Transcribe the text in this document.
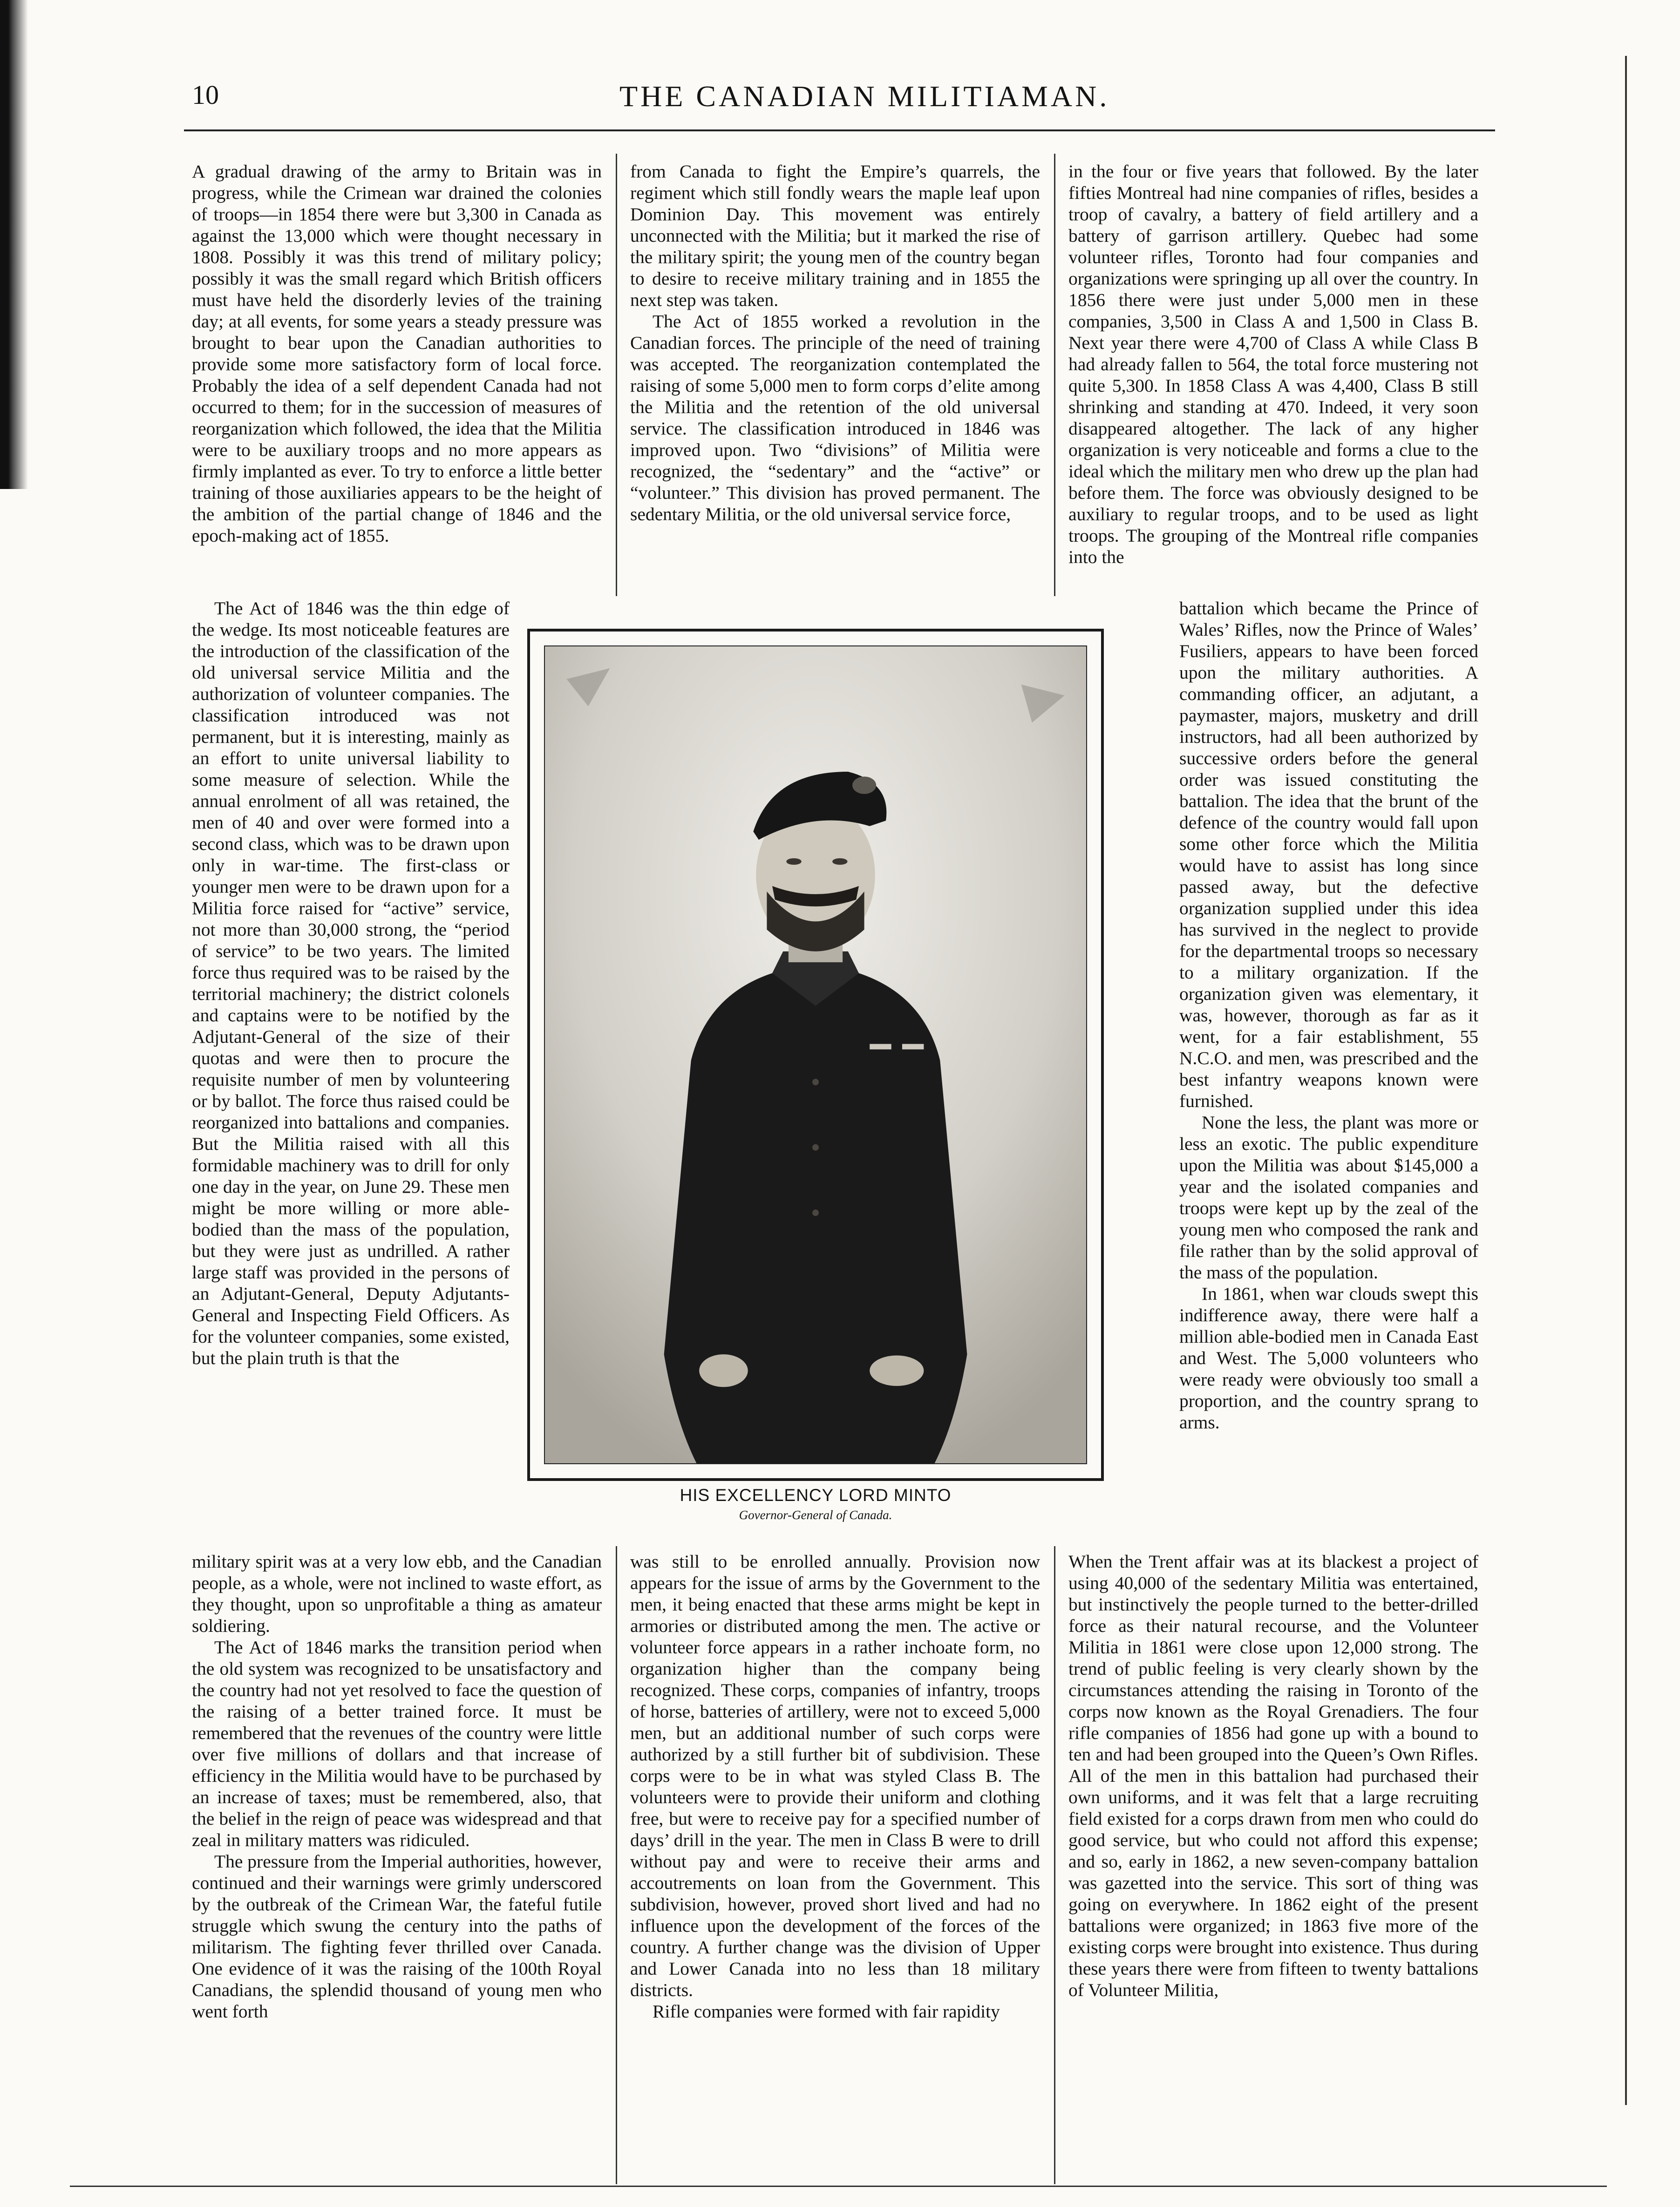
10	THE CANADIAN MILITIAMAN.

A gradual drawing of the army to Britain was in progress, while the Crimean war drained the colonies of troops—in 1854 there were but 3,300 in Canada as against the 13,000 which were thought necessary in 1808. Possibly it was this trend of military policy; possibly it was the small regard which British officers must have held the disorderly levies of the training day; at all events, for some years a steady pressure was brought to bear upon the Canadian authorities to provide some more satisfactory form of local force. Probably the idea of a self dependent Canada had not occurred to them; for in the succession of measures of reorganization which followed, the idea that the Militia were to be auxiliary troops and no more appears as firmly implanted as ever. To try to enforce a little better training of those auxiliaries appears to be the height of the ambition of the partial change of 1846 and the epoch-making act of 1855.

The Act of 1846 was the thin edge of the wedge. Its most noticeable features are the introduction of the classification of the old universal service Militia and the authorization of volunteer companies. The classification introduced was not permanent, but it is interesting, mainly as an effort to unite universal liability to some measure of selection. While the annual enrolment of all was retained, the men of 40 and over were formed into a second class, which was to be drawn upon only in war-time. The first-class or younger men were to be drawn upon for a Militia force raised for “active” service, not more than 30,000 strong, the “period of service” to be two years. The limited force thus required was to be raised by the territorial machinery; the district colonels and captains were to be notified by the Adjutant-General of the size of their quotas and were then to procure the requisite number of men by volunteering or by ballot. The force thus raised could be reorganized into battalions and companies. But the Militia raised with all this formidable machinery was to drill for only one day in the year, on June 29. These men might be more willing or more able-bodied than the mass of the population, but they were just as undrilled. A rather large staff was provided in the persons of an Adjutant-General, Deputy Adjutants-General and Inspecting Field Officers. As for the volunteer companies, some existed, but the plain truth is that the

military spirit was at a very low ebb, and the Canadian people, as a whole, were not inclined to waste effort, as they thought, upon so unprofitable a thing as amateur soldiering.

The Act of 1846 marks the transition period when the old system was recognized to be unsatisfactory and the country had not yet resolved to face the question of the raising of a better trained force. It must be remembered that the revenues of the country were little over five millions of dollars and that increase of efficiency in the Militia would have to be purchased by an increase of taxes; must be remembered, also, that the belief in the reign of peace was widespread and that zeal in military matters was ridiculed.

The pressure from the Imperial authorities, however, continued and their warnings were grimly underscored by the outbreak of the Crimean War, the fateful futile struggle which swung the century into the paths of militarism. The fighting fever thrilled over Canada. One evidence of it was the raising of the 100th Royal Canadians, the splendid thousand of young men who went forth

from Canada to fight the Empire’s quarrels, the regiment which still fondly wears the maple leaf upon Dominion Day. This movement was entirely unconnected with the Militia; but it marked the rise of the military spirit; the young men of the country began to desire to receive military training and in 1855 the next step was taken.

The Act of 1855 worked a revolution in the Canadian forces. The principle of the need of training was accepted. The reorganization contemplated the raising of some 5,000 men to form corps d’elite among the Militia and the retention of the old universal service. The classification introduced in 1846 was improved upon. Two “divisions” of Militia were recognized, the “sedentary” and the “active” or “volunteer.” This division has proved permanent. The sedentary Militia, or the old universal service force,

in the four or five years that followed. By the later fifties Montreal had nine companies of rifles, besides a troop of cavalry, a battery of field artillery and a battery of garrison artillery. Quebec had some volunteer rifles, Toronto had four companies and organizations were springing up all over the country. In 1856 there were just under 5,000 men in these companies, 3,500 in Class A and 1,500 in Class B. Next year there were 4,700 of Class A while Class B had already fallen to 564, the total force mustering not quite 5,300. In 1858 Class A was 4,400, Class B still shrinking and standing at 470. Indeed, it very soon disappeared altogether. The lack of any higher organization is very noticeable and forms a clue to the ideal which the military men who drew up the plan had before them. The force was obviously designed to be auxiliary to regular troops, and to be used as light troops. The grouping of the Montreal rifle companies into the

battalion which became the Prince of Wales’ Rifles, now the Prince of Wales’ Fusiliers, appears to have been forced upon the military authorities. A commanding officer, an adjutant, a paymaster, majors, musketry and drill instructors, had all been authorized by successive orders before the general order was issued constituting the battalion. The idea that the brunt of the defence of the country would fall upon some other force which the Militia would have to assist has long since passed away, but the defective organization supplied under this idea has survived in the neglect to provide for the departmental troops so necessary to a military organization. If the organization given was elementary, it was, however, thorough as far as it went, for a fair establishment, 55 N.C.O. and men, was prescribed and the best infantry weapons known were furnished.

None the less, the plant was more or less an exotic. The public expenditure upon the Militia was about $145,000 a year and the isolated companies and troops were kept up by the zeal of the young men who composed the rank and file rather than by the solid approval of the mass of the population.

In 1861, when war clouds swept this indifference away, there were half a million able-bodied men in Canada East and West. The 5,000 volunteers who were ready were obviously too small a proportion, and the country sprang to arms.

HIS EXCELLENCY LORD MINTO
Governor-General of Canada.

was still to be enrolled annually. Provision now appears for the issue of arms by the Government to the men, it being enacted that these arms might be kept in armories or distributed among the men. The active or volunteer force appears in a rather inchoate form, no organization higher than the company being recognized. These corps, companies of infantry, troops of horse, batteries of artillery, were not to exceed 5,000 men, but an additional number of such corps were authorized by a still further bit of subdivision. These corps were to be in what was styled Class B. The volunteers were to provide their uniform and clothing free, but were to receive pay for a specified number of days’ drill in the year. The men in Class B were to drill without pay and were to receive their arms and accoutrements on loan from the Government. This subdivision, however, proved short lived and had no influence upon the development of the forces of the country. A further change was the division of Upper and Lower Canada into no less than 18 military districts.

Rifle companies were formed with fair rapidity

When the Trent affair was at its blackest a project of using 40,000 of the sedentary Militia was entertained, but instinctively the people turned to the better-drilled force as their natural recourse, and the Volunteer Militia in 1861 were close upon 12,000 strong. The trend of public feeling is very clearly shown by the circumstances attending the raising in Toronto of the corps now known as the Royal Grenadiers. The four rifle companies of 1856 had gone up with a bound to ten and had been grouped into the Queen’s Own Rifles. All of the men in this battalion had purchased their own uniforms, and it was felt that a large recruiting field existed for a corps drawn from men who could do good service, but who could not afford this expense; and so, early in 1862, a new seven-company battalion was gazetted into the service. This sort of thing was going on everywhere. In 1862 eight of the present battalions were organized; in 1863 five more of the existing corps were brought into existence. Thus during these years there were from fifteen to twenty battalions of Volunteer Militia,
